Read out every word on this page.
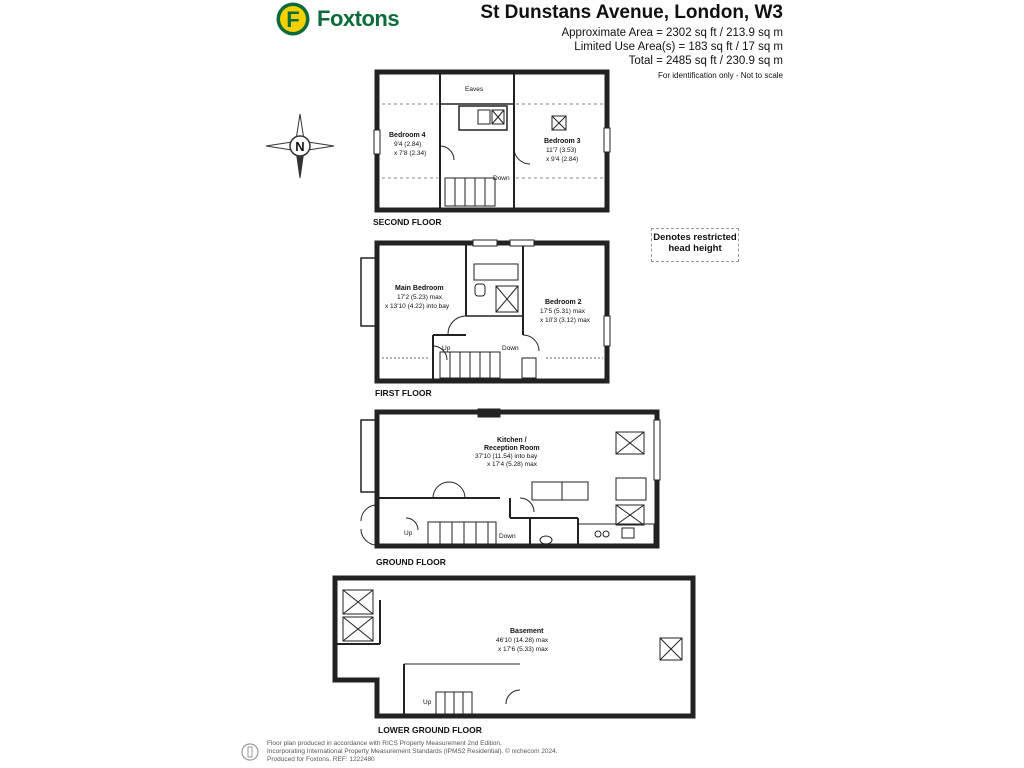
F Foxtons	St Dunstans Avenue, London, W3
Approximate Area = 2302 sq ft / 213.9 sq m
Limited Use Area(s) = 183 sq ft / 17 sq m
Total = 2485 sq ft / 230.9 sq m
For identification only - Not to scale
Denotes restricted head height
N
Eaves
Bedroom 4
9'4 (2.84)
x 7'8 (2.34)
Bedroom 3
11'7 (3.53)
x 9'4 (2.84)
Down
SECOND FLOOR
Main Bedroom
17'2 (5.23) max
x 13'10 (4.22) into bay
Bedroom 2
17'5 (5.31) max
x 10'3 (3.12) max
Up	Down
FIRST FLOOR
Kitchen /
Reception Room
37'10 (11.54) into bay
x 17'4 (5.28) max
Up	Down
GROUND FLOOR
Basement
46'10 (14.28) max
x 17'6 (5.33) max
Up
LOWER GROUND FLOOR
Floor plan produced in accordance with RICS Property Measurement 2nd Edition,
Incorporating International Property Measurement Standards (IPMS2 Residential). © nichecom 2024.
Produced for Foxtons. REF: 1222480
